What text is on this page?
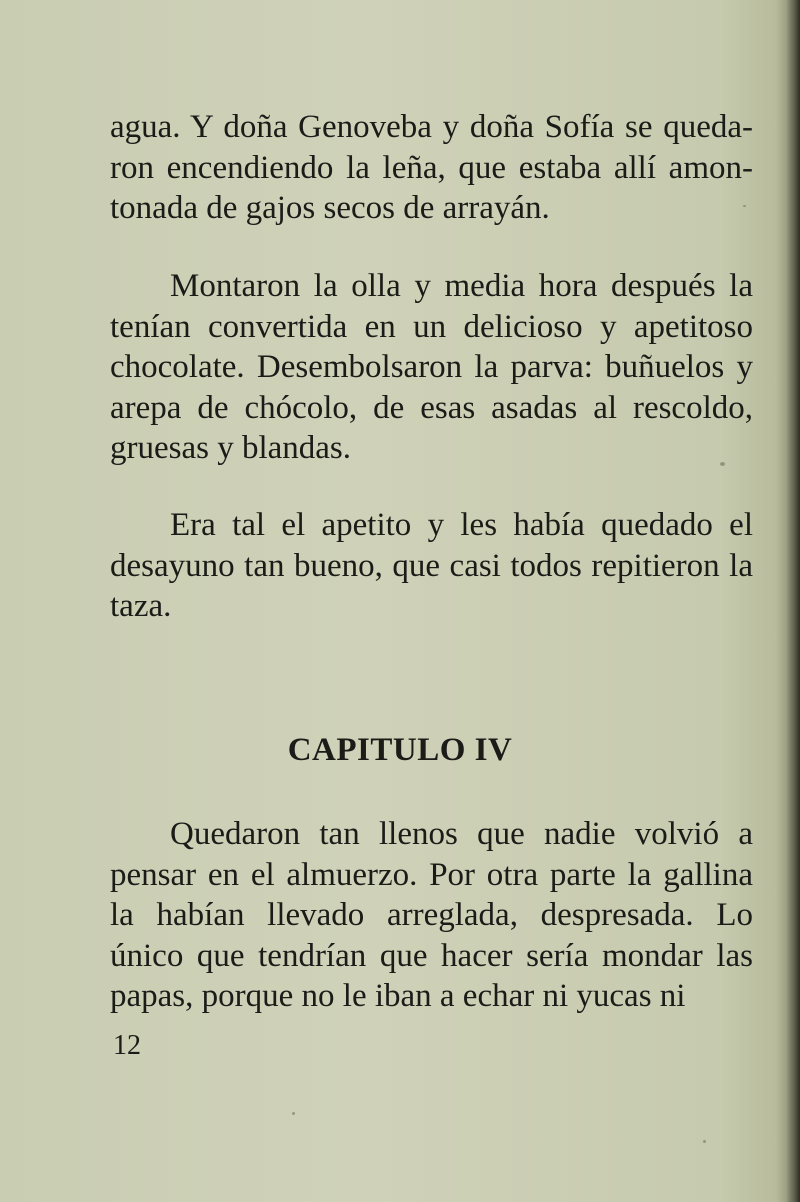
agua. Y doña Genoveba y doña Sofía se queda-ron encendiendo la leña, que estaba allí amon-tonada de gajos secos de arrayán.

Montaron la olla y media hora después la tenían convertida en un delicioso y apetitoso chocolate. Desembolsaron la parva: buñuelos y arepa de chócolo, de esas asadas al rescoldo, gruesas y blandas.

Era tal el apetito y les había quedado el desayuno tan bueno, que casi todos repitieron la taza.

CAPITULO IV

Quedaron tan llenos que nadie volvió a pensar en el almuerzo. Por otra parte la gallina la habían llevado arreglada, despresada. Lo único que tendrían que hacer sería mondar las papas, porque no le iban a echar ni yucas ni

12
